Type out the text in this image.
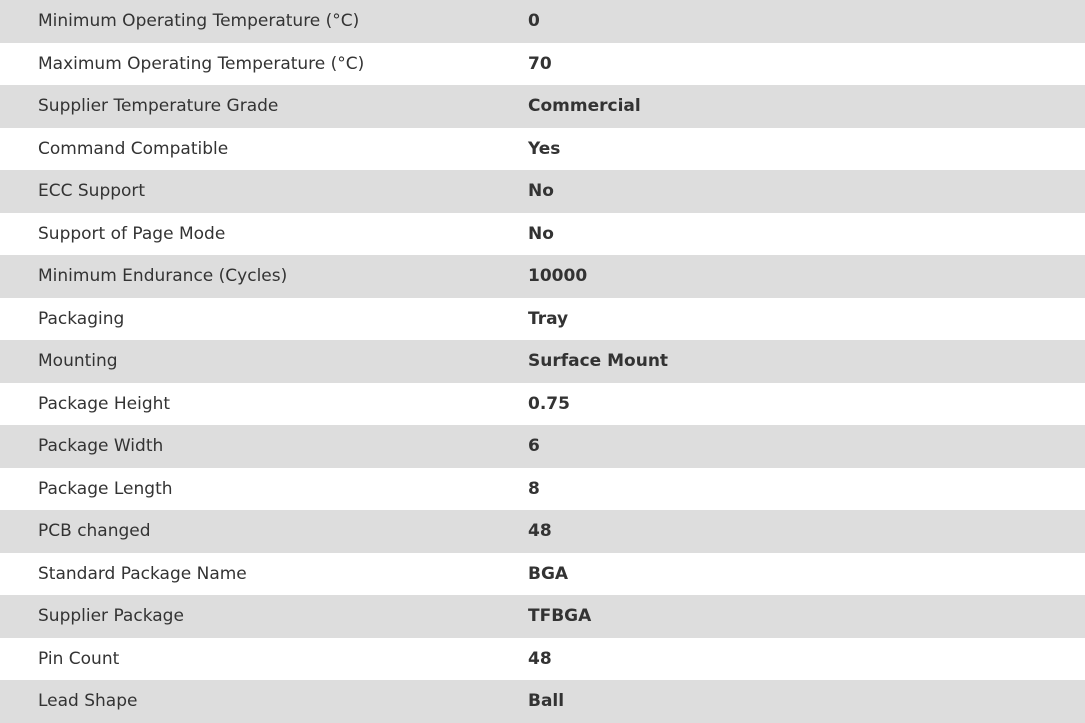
Minimum Operating Temperature (°C)	0
Maximum Operating Temperature (°C)	70
Supplier Temperature Grade	Commercial
Command Compatible	Yes
ECC Support	No
Support of Page Mode	No
Minimum Endurance (Cycles)	10000
Packaging	Tray
Mounting	Surface Mount
Package Height	0.75
Package Width	6
Package Length	8
PCB changed	48
Standard Package Name	BGA
Supplier Package	TFBGA
Pin Count	48
Lead Shape	Ball
